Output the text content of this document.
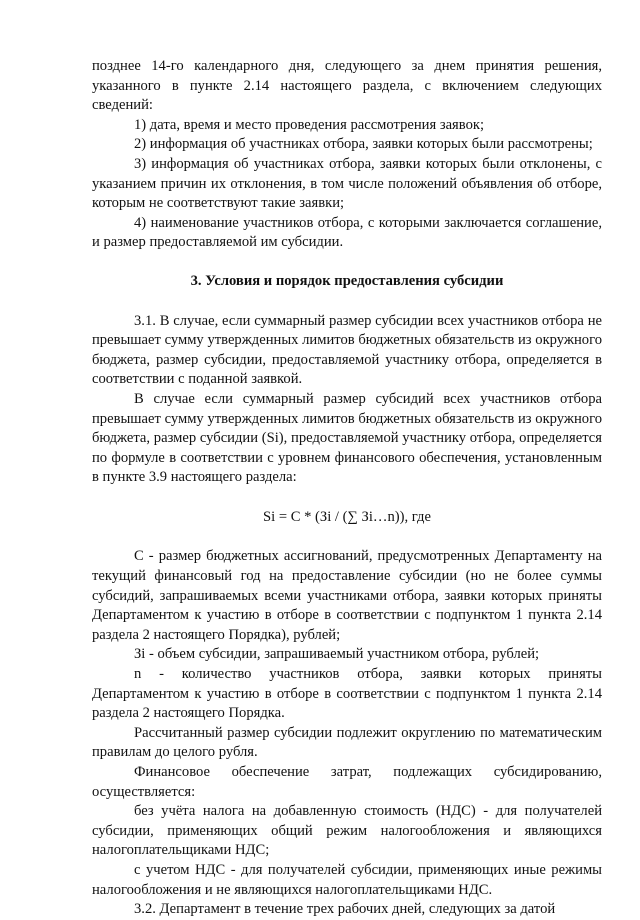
позднее 14-го календарного дня, следующего за днем принятия решения, указанного в пункте 2.14 настоящего раздела, с включением следующих сведений:

1) дата, время и место проведения рассмотрения заявок;

2) информация об участниках отбора, заявки которых были рассмотрены;

3) информация об участниках отбора, заявки которых были отклонены, с указанием причин их отклонения, в том числе положений объявления об отборе, которым не соответствуют такие заявки;

4) наименование участников отбора, с которыми заключается соглашение, и размер предоставляемой им субсидии.

3. Условия и порядок предоставления субсидии

3.1. В случае, если суммарный размер субсидии всех участников отбора не превышает сумму утвержденных лимитов бюджетных обязательств из окружного бюджета, размер субсидии, предоставляемой участнику отбора, определяется в соответствии с поданной заявкой.

В случае если суммарный размер субсидий всех участников отбора превышает сумму утвержденных лимитов бюджетных обязательств из окружного бюджета, размер субсидии (Si), предоставляемой участнику отбора, определяется по формуле в соответствии с уровнем финансового обеспечения, установленным в пункте 3.9 настоящего раздела:

Si = C * (Зi / (∑ Зi…n)), где

C - размер бюджетных ассигнований, предусмотренных Департаменту на текущий финансовый год на предоставление субсидии (но не более суммы субсидий, запрашиваемых всеми участниками отбора, заявки которых приняты Департаментом к участию в отборе в соответствии с подпунктом 1 пункта 2.14 раздела 2 настоящего Порядка), рублей;

Зi - объем субсидии, запрашиваемый участником отбора, рублей;

n - количество участников отбора, заявки которых приняты Департаментом к участию в отборе в соответствии с подпунктом 1 пункта 2.14 раздела 2 настоящего Порядка.

Рассчитанный размер субсидии подлежит округлению по математическим правилам до целого рубля.

Финансовое обеспечение затрат, подлежащих субсидированию, осуществляется:

без учёта налога на добавленную стоимость (НДС) - для получателей субсидии, применяющих общий режим налогообложения и являющихся налогоплательщиками НДС;

с учетом НДС - для получателей субсидии, применяющих иные режимы налогообложения и не являющихся налогоплательщиками НДС.

3.2. Департамент в течение трех рабочих дней, следующих за датой
